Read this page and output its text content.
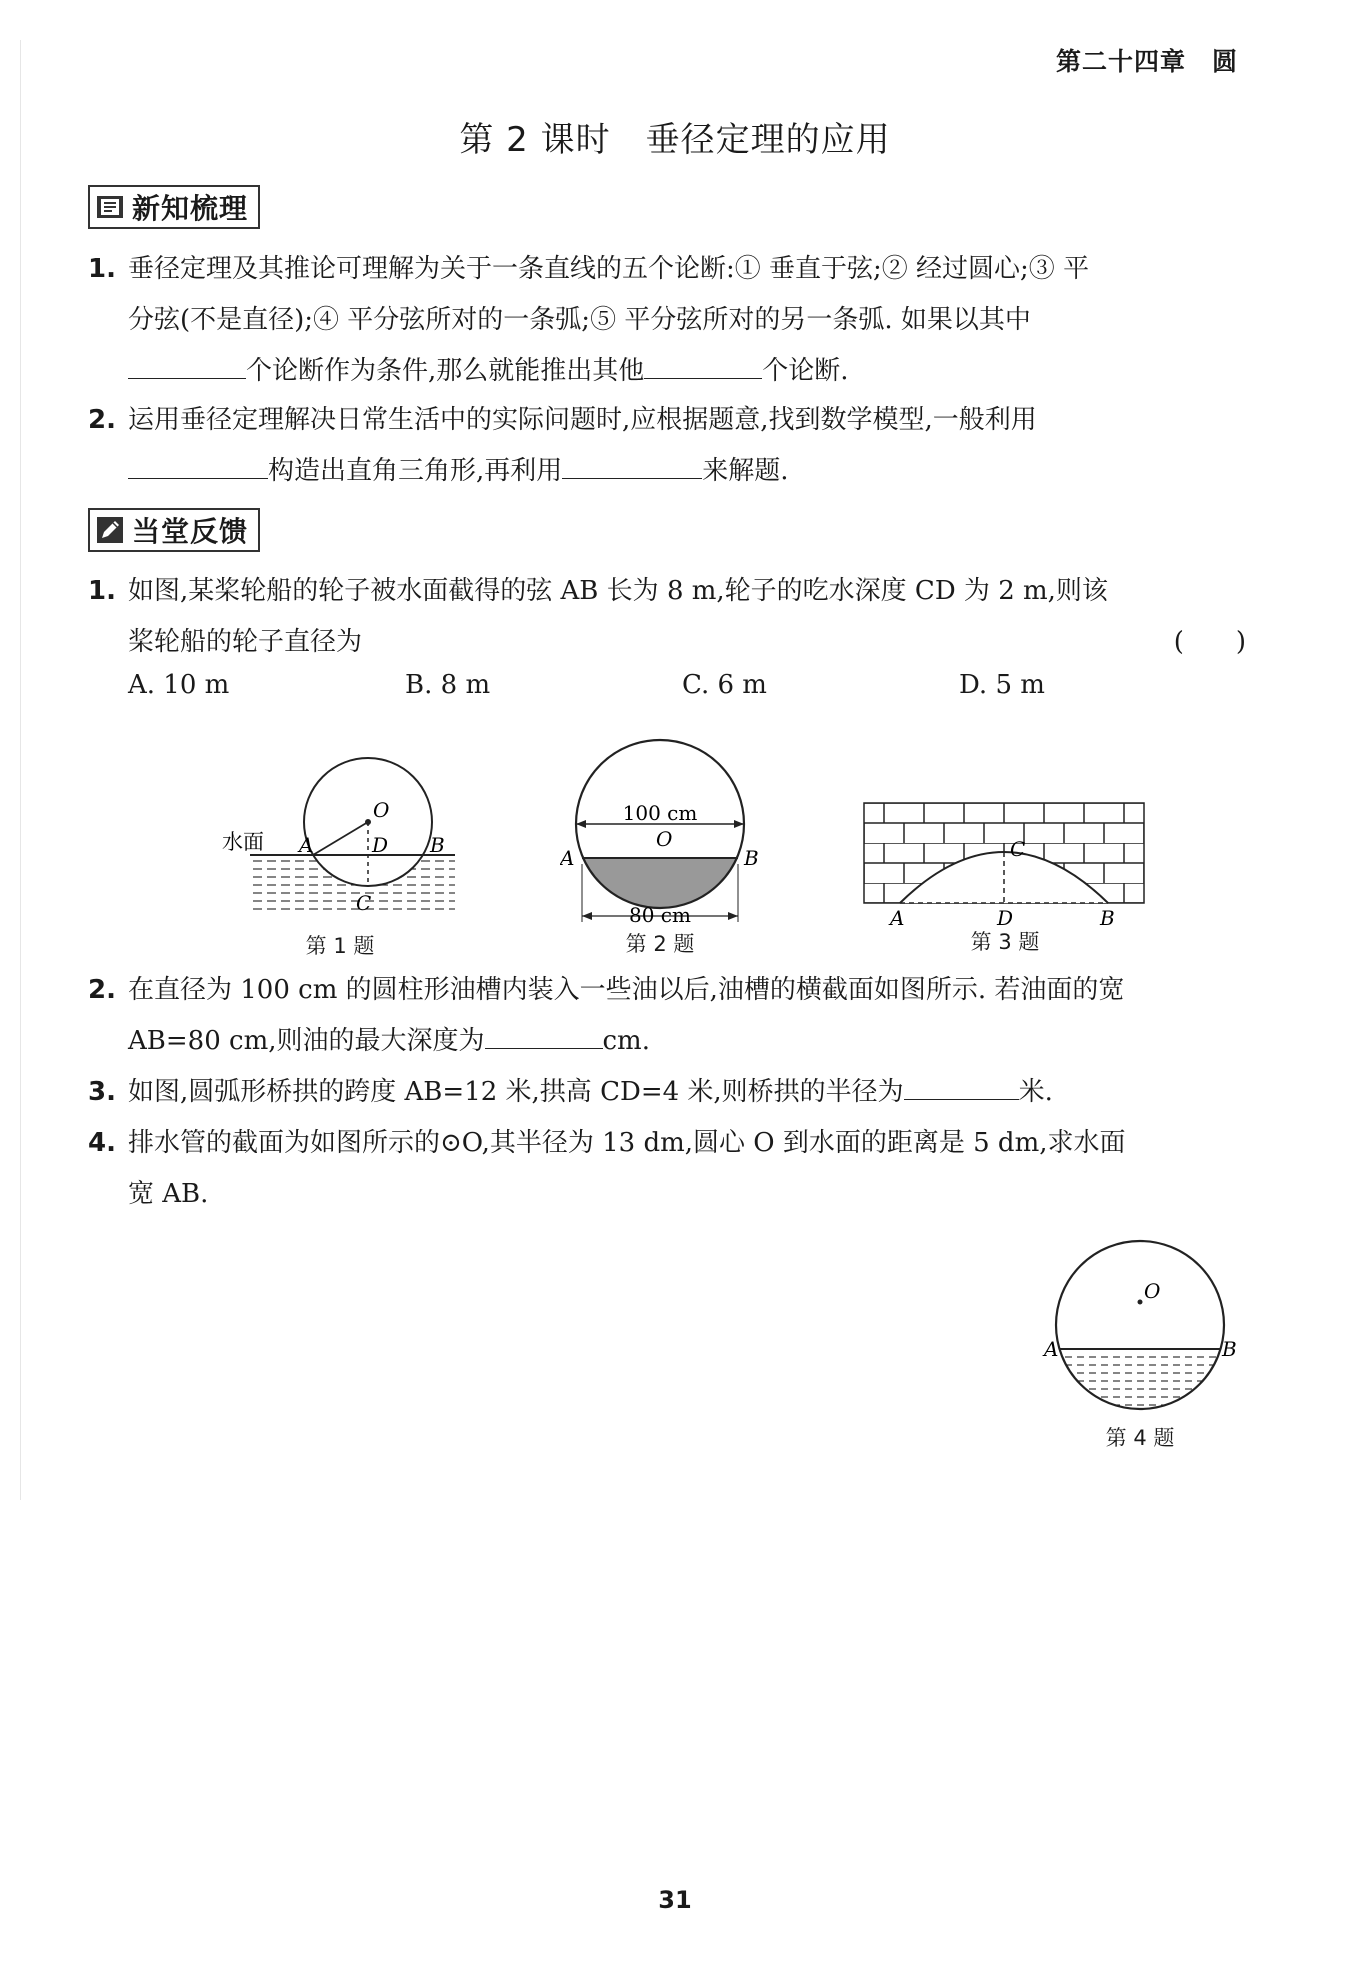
第二十四章　圆
第 2 课时　垂径定理的应用
新知梳理
1. 垂径定理及其推论可理解为关于一条直线的五个论断:① 垂直于弦;② 经过圆心;③ 平
分弦(不是直径);④ 平分弦所对的一条弧;⑤ 平分弦所对的另一条弧. 如果以其中
个论断作为条件,那么就能推出其他	个论断.
2. 运用垂径定理解决日常生活中的实际问题时,应根据题意,找到数学模型,一般利用
构造出直角三角形,再利用	来解题.
当堂反馈
1. 如图,某桨轮船的轮子被水面截得的弦 AB 长为 8 m,轮子的吃水深度 CD 为 2 m,则该
桨轮船的轮子直径为	(　　)
A. 10 m	B. 8 m	C. 6 m	D. 5 m
O
A	D B
C
水面
第 1 题
100 cm
O
A	B
80 cm
第 2 题
C
A	D	B
第 3 题
2. 在直径为 100 cm 的圆柱形油槽内装入一些油以后,油槽的横截面如图所示. 若油面的宽
AB=80 cm,则油的最大深度为	cm.
3. 如图,圆弧形桥拱的跨度 AB=12 米,拱高 CD=4 米,则桥拱的半径为	米.
4. 排水管的截面为如图所示的⊙O,其半径为 13 dm,圆心 O 到水面的距离是 5 dm,求水面
宽 AB.
O
A	B
第 4 题
31
